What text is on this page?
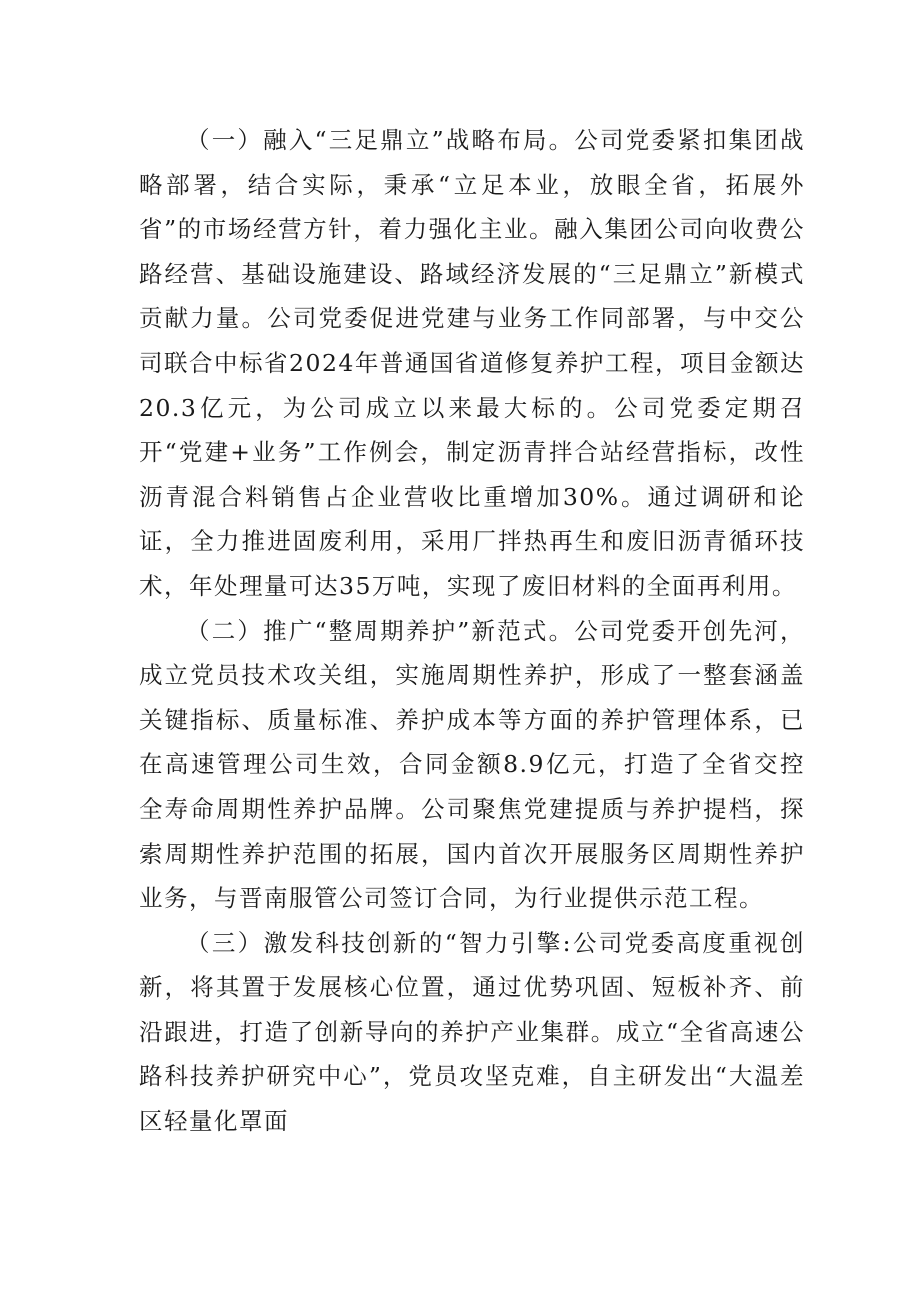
（一）融入“三足鼎立”战略布局。公司党委紧扣集团战略部署，结合实际，秉承“立足本业，放眼全省，拓展外省”的市场经营方针，着力强化主业。融入集团公司向收费公路经营、基础设施建设、路域经济发展的“三足鼎立”新模式贡献力量。公司党委促进党建与业务工作同部署，与中交公司联合中标省2024年普通国省道修复养护工程，项目金额达20.3亿元，为公司成立以来最大标的。公司党委定期召开“党建+业务”工作例会，制定沥青拌合站经营指标，改性沥青混合料销售占企业营收比重增加30%。通过调研和论证，全力推进固废利用，采用厂拌热再生和废旧沥青循环技术，年处理量可达35万吨，实现了废旧材料的全面再利用。

（二）推广“整周期养护”新范式。公司党委开创先河，成立党员技术攻关组，实施周期性养护，形成了一整套涵盖关键指标、质量标准、养护成本等方面的养护管理体系，已在高速管理公司生效，合同金额8.9亿元，打造了全省交控全寿命周期性养护品牌。公司聚焦党建提质与养护提档，探索周期性养护范围的拓展，国内首次开展服务区周期性养护业务，与晋南服管公司签订合同，为行业提供示范工程。

（三）激发科技创新的“智力引擎:公司党委高度重视创新，将其置于发展核心位置，通过优势巩固、短板补齐、前沿跟进，打造了创新导向的养护产业集群。成立“全省高速公路科技养护研究中心”，党员攻坚克难，自主研发出“大温差区轻量化罩面
